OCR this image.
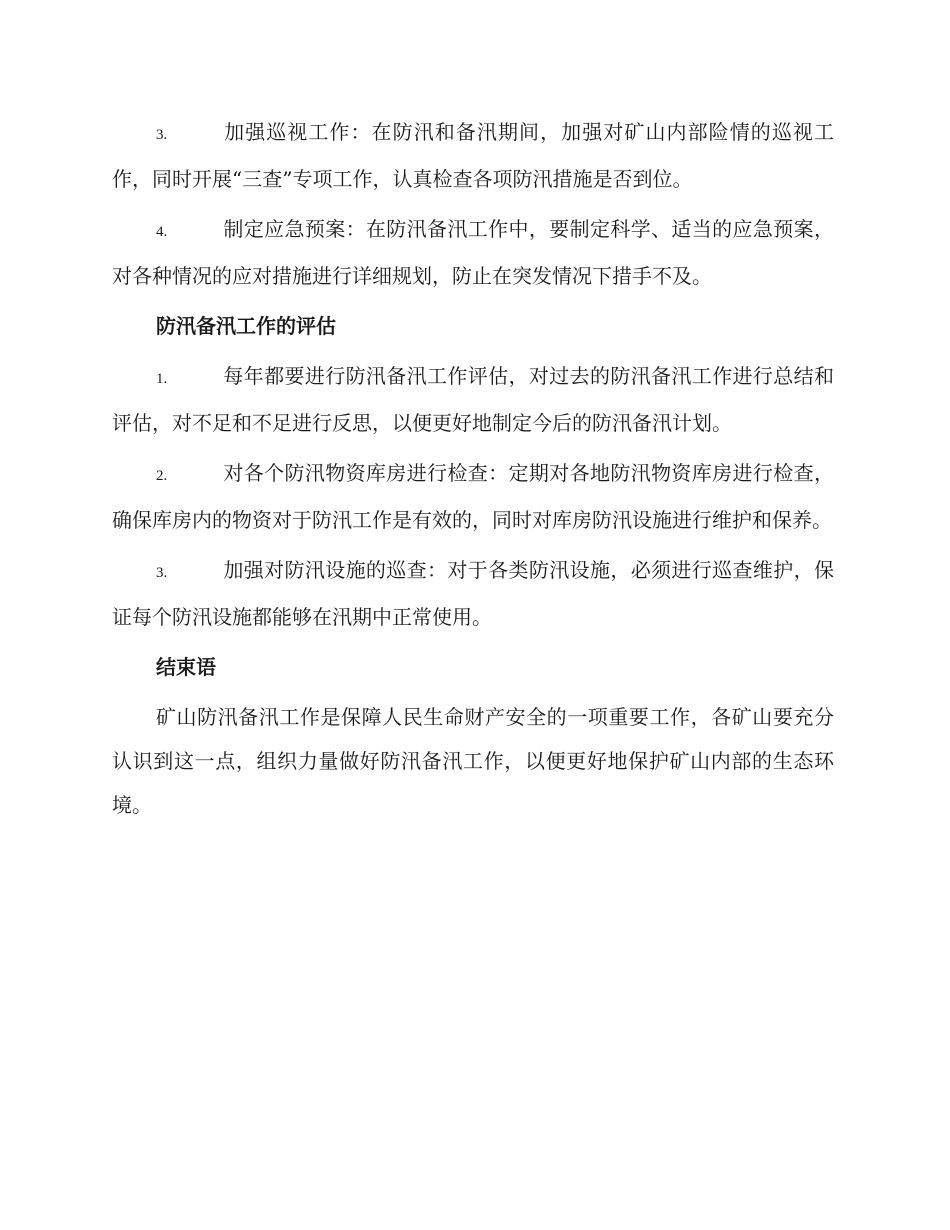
3.	加强巡视工作：在防汛和备汛期间，加强对矿山内部险情的巡视工作，同时开展“三查”专项工作，认真检查各项防汛措施是否到位。

4.	制定应急预案：在防汛备汛工作中，要制定科学、适当的应急预案，对各种情况的应对措施进行详细规划，防止在突发情况下措手不及。

防汛备汛工作的评估

1.	每年都要进行防汛备汛工作评估，对过去的防汛备汛工作进行总结和评估，对不足和不足进行反思，以便更好地制定今后的防汛备汛计划。

2.	对各个防汛物资库房进行检查：定期对各地防汛物资库房进行检查，确保库房内的物资对于防汛工作是有效的，同时对库房防汛设施进行维护和保养。

3.	加强对防汛设施的巡查：对于各类防汛设施，必须进行巡查维护，保证每个防汛设施都能够在汛期中正常使用。

结束语

矿山防汛备汛工作是保障人民生命财产安全的一项重要工作，各矿山要充分认识到这一点，组织力量做好防汛备汛工作，以便更好地保护矿山内部的生态环境。
